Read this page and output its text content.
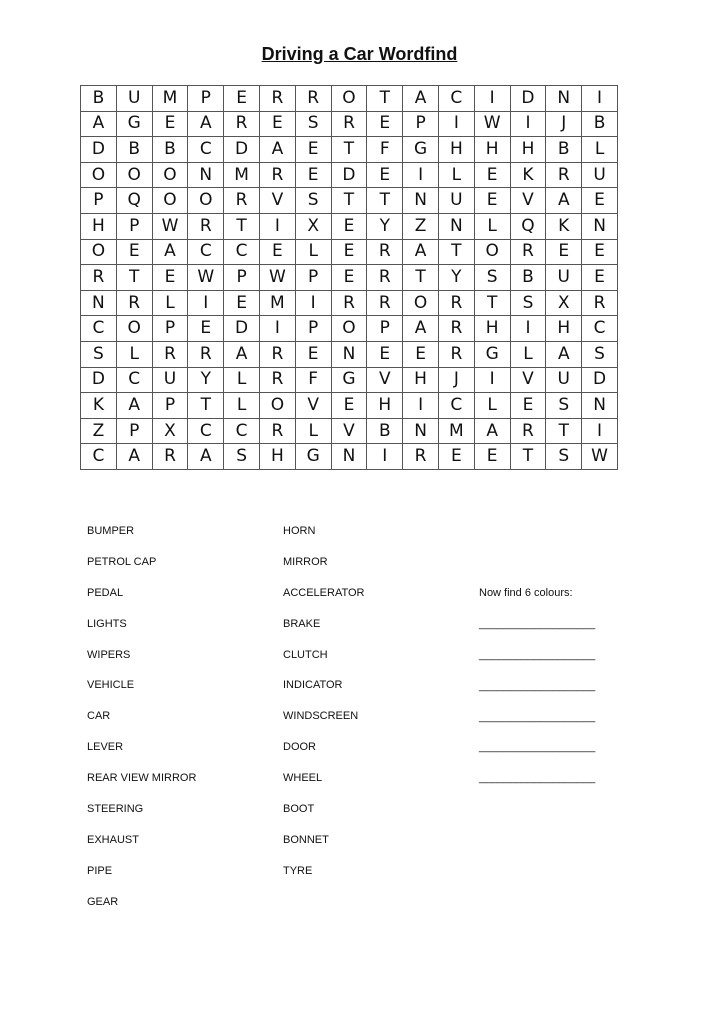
Driving a Car Wordfind
B	U	M	P	E	R	R	O	T	A	C	I	D	N	I
A	G	E	A	R	E	S	R	E	P	I	W	I	J	B
D	B	B	C	D	A	E	T	F	G	H	H	H	B	L
O	O	O	N	M	R	E	D	E	I	L	E	K	R	U
P	Q	O	O	R	V	S	T	T	N	U	E	V	A	E
H	P	W	R	T	I	X	E	Y	Z	N	L	Q	K	N
O	E	A	C	C	E	L	E	R	A	T	O	R	E	E
R	T	E	W	P	W	P	E	R	T	Y	S	B	U	E
N	R	L	I	E	M	I	R	R	O	R	T	S	X	R
C	O	P	E	D	I	P	O	P	A	R	H	I	H	C
S	L	R	R	A	R	E	N	E	E	R	G	L	A	S
D	C	U	Y	L	R	F	G	V	H	J	I	V	U	D
K	A	P	T	L	O	V	E	H	I	C	L	E	S	N
Z	P	X	C	C	R	L	V	B	N	M	A	R	T	I
C	A	R	A	S	H	G	N	I	R	E	E	T	S	W
BUMPER
PETROL CAP
PEDAL
LIGHTS
WIPERS
VEHICLE
CAR
LEVER
REAR VIEW MIRROR
STEERING
EXHAUST
PIPE
GEAR
HORN
MIRROR
ACCELERATOR
BRAKE
CLUTCH
INDICATOR
WINDSCREEN
DOOR
WHEEL
BOOT
BONNET
TYRE
Now find 6 colours:
___________________
___________________
___________________
___________________
___________________
___________________
